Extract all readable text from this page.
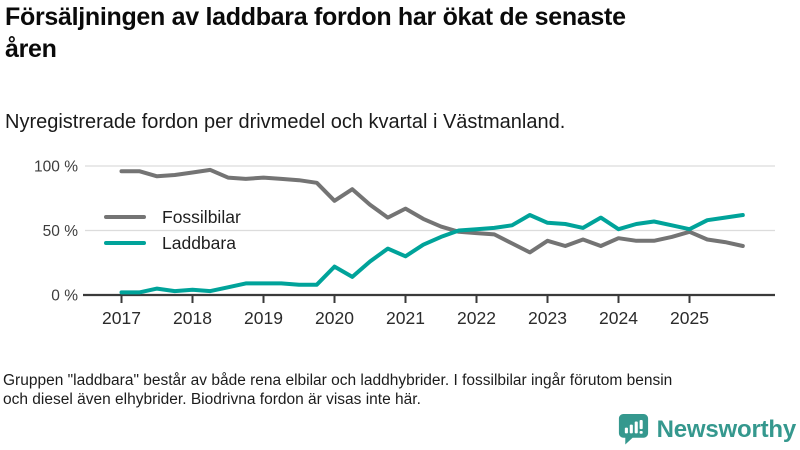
Försäljningen av laddbara fordon har ökat de senaste
åren
Nyregistrerade fordon per drivmedel och kvartal i Västmanland.
100 %
50 %
0 %
2017 2018 2019 2020 2021 2022 2023 2024 2025
Fossilbilar
Laddbara
Gruppen "laddbara" består av både rena elbilar och laddhybrider. I fossilbilar ingår förutom bensin
och diesel även elhybrider. Biodrivna fordon är visas inte här.
Newsworthy
